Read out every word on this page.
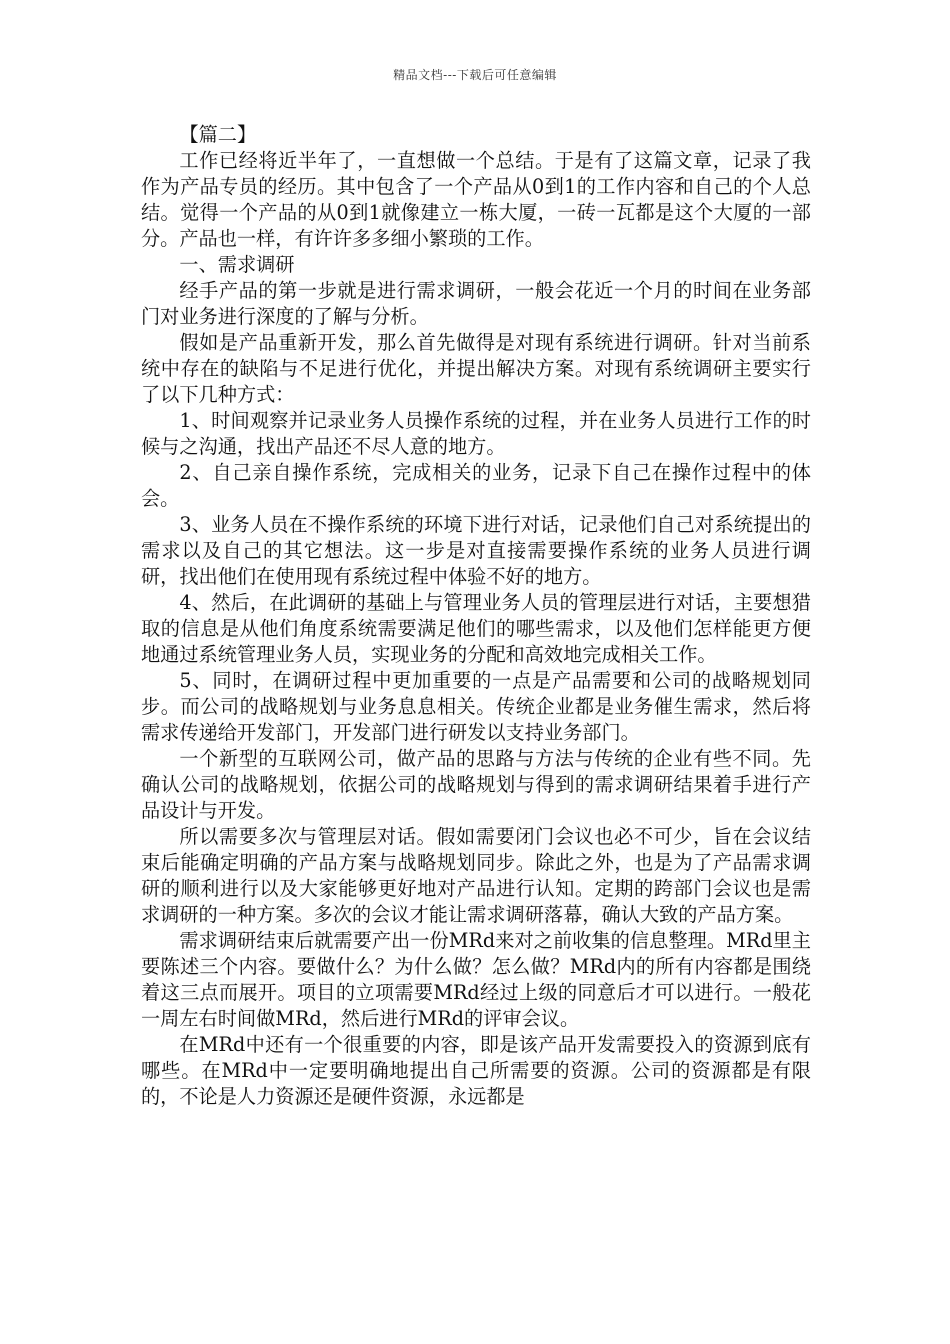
精品文档---下载后可任意编辑

【篇二】

工作已经将近半年了，一直想做一个总结。于是有了这篇文章，记录了我作为产品专员的经历。其中包含了一个产品从0到1的工作内容和自己的个人总结。觉得一个产品的从0到1就像建立一栋大厦，一砖一瓦都是这个大厦的一部分。产品也一样，有许许多多细小繁琐的工作。

一、需求调研

经手产品的第一步就是进行需求调研，一般会花近一个月的时间在业务部门对业务进行深度的了解与分析。

假如是产品重新开发，那么首先做得是对现有系统进行调研。针对当前系统中存在的缺陷与不足进行优化，并提出解决方案。对现有系统调研主要实行了以下几种方式：

1、时间观察并记录业务人员操作系统的过程，并在业务人员进行工作的时候与之沟通，找出产品还不尽人意的地方。

2、自己亲自操作系统，完成相关的业务，记录下自己在操作过程中的体会。

3、业务人员在不操作系统的环境下进行对话，记录他们自己对系统提出的需求以及自己的其它想法。这一步是对直接需要操作系统的业务人员进行调研，找出他们在使用现有系统过程中体验不好的地方。

4、然后，在此调研的基础上与管理业务人员的管理层进行对话，主要想猎取的信息是从他们角度系统需要满足他们的哪些需求，以及他们怎样能更方便地通过系统管理业务人员，实现业务的分配和高效地完成相关工作。

5、同时，在调研过程中更加重要的一点是产品需要和公司的战略规划同步。而公司的战略规划与业务息息相关。传统企业都是业务催生需求，然后将需求传递给开发部门，开发部门进行研发以支持业务部门。

一个新型的互联网公司，做产品的思路与方法与传统的企业有些不同。先确认公司的战略规划，依据公司的战略规划与得到的需求调研结果着手进行产品设计与开发。

所以需要多次与管理层对话。假如需要闭门会议也必不可少，旨在会议结束后能确定明确的产品方案与战略规划同步。除此之外，也是为了产品需求调研的顺利进行以及大家能够更好地对产品进行认知。定期的跨部门会议也是需求调研的一种方案。多次的会议才能让需求调研落幕，确认大致的产品方案。

需求调研结束后就需要产出一份MRd来对之前收集的信息整理。MRd里主要陈述三个内容。要做什么？为什么做？怎么做？MRd内的所有内容都是围绕着这三点而展开。项目的立项需要MRd经过上级的同意后才可以进行。一般花一周左右时间做MRd，然后进行MRd的评审会议。

在MRd中还有一个很重要的内容，即是该产品开发需要投入的资源到底有哪些。在MRd中一定要明确地提出自己所需要的资源。公司的资源都是有限的，不论是人力资源还是硬件资源，永远都是
